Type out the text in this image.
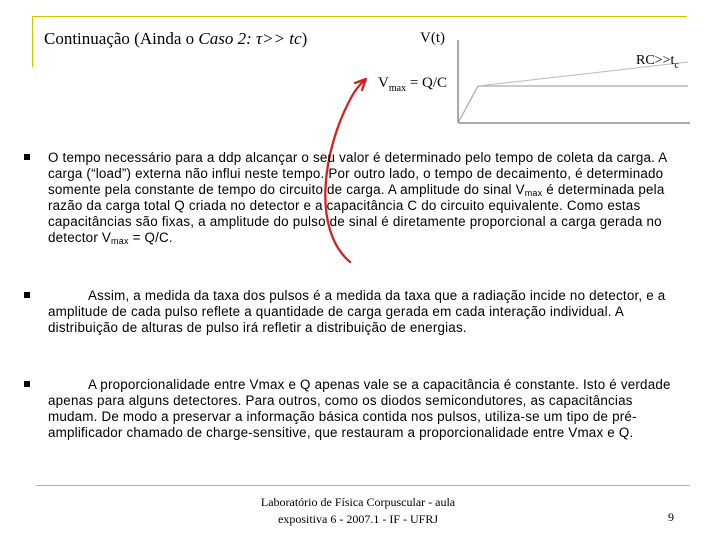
Continuação (Ainda o Caso 2: τ>> tc)	V(t)
$RC>>t_c$
$V_{max} = Q/C$
O tempo necessário para a ddp alcançar o seu valor é determinado pelo tempo de coleta da carga. A carga (“load”) externa não influi neste tempo. Por outro lado, o tempo de decaimento, é determinado somente pela constante de tempo do circuito de carga. A amplitude do sinal $V_{max}$ é determinada pela razão da carga total Q criada no detector e a capacitância C do circuito equivalente. Como estas capacitâncias são fixas, a amplitude do pulso de sinal é diretamente proporcional a carga gerada no detector $V_{max} = Q/C$.
Assim, a medida da taxa dos pulsos é a medida da taxa que a radiação incide no detector, e a amplitude de cada pulso reflete a quantidade de carga gerada em cada interação individual. A distribuição de alturas de pulso irá refletir a distribuição de energias.
A proporcionalidade entre Vmax e Q apenas vale se a capacitância é constante. Isto é verdade apenas para alguns detectores. Para outros, como os diodos semicondutores, as capacitâncias mudam. De modo a preservar a informação básica contida nos pulsos, utiliza-se um tipo de pré-amplificador chamado de charge-sensitive, que restauram a proporcionalidade entre Vmax e Q.
Laboratório de Física Corpuscular - aula
expositiva 6 - 2007.1 - IF - UFRJ	9
